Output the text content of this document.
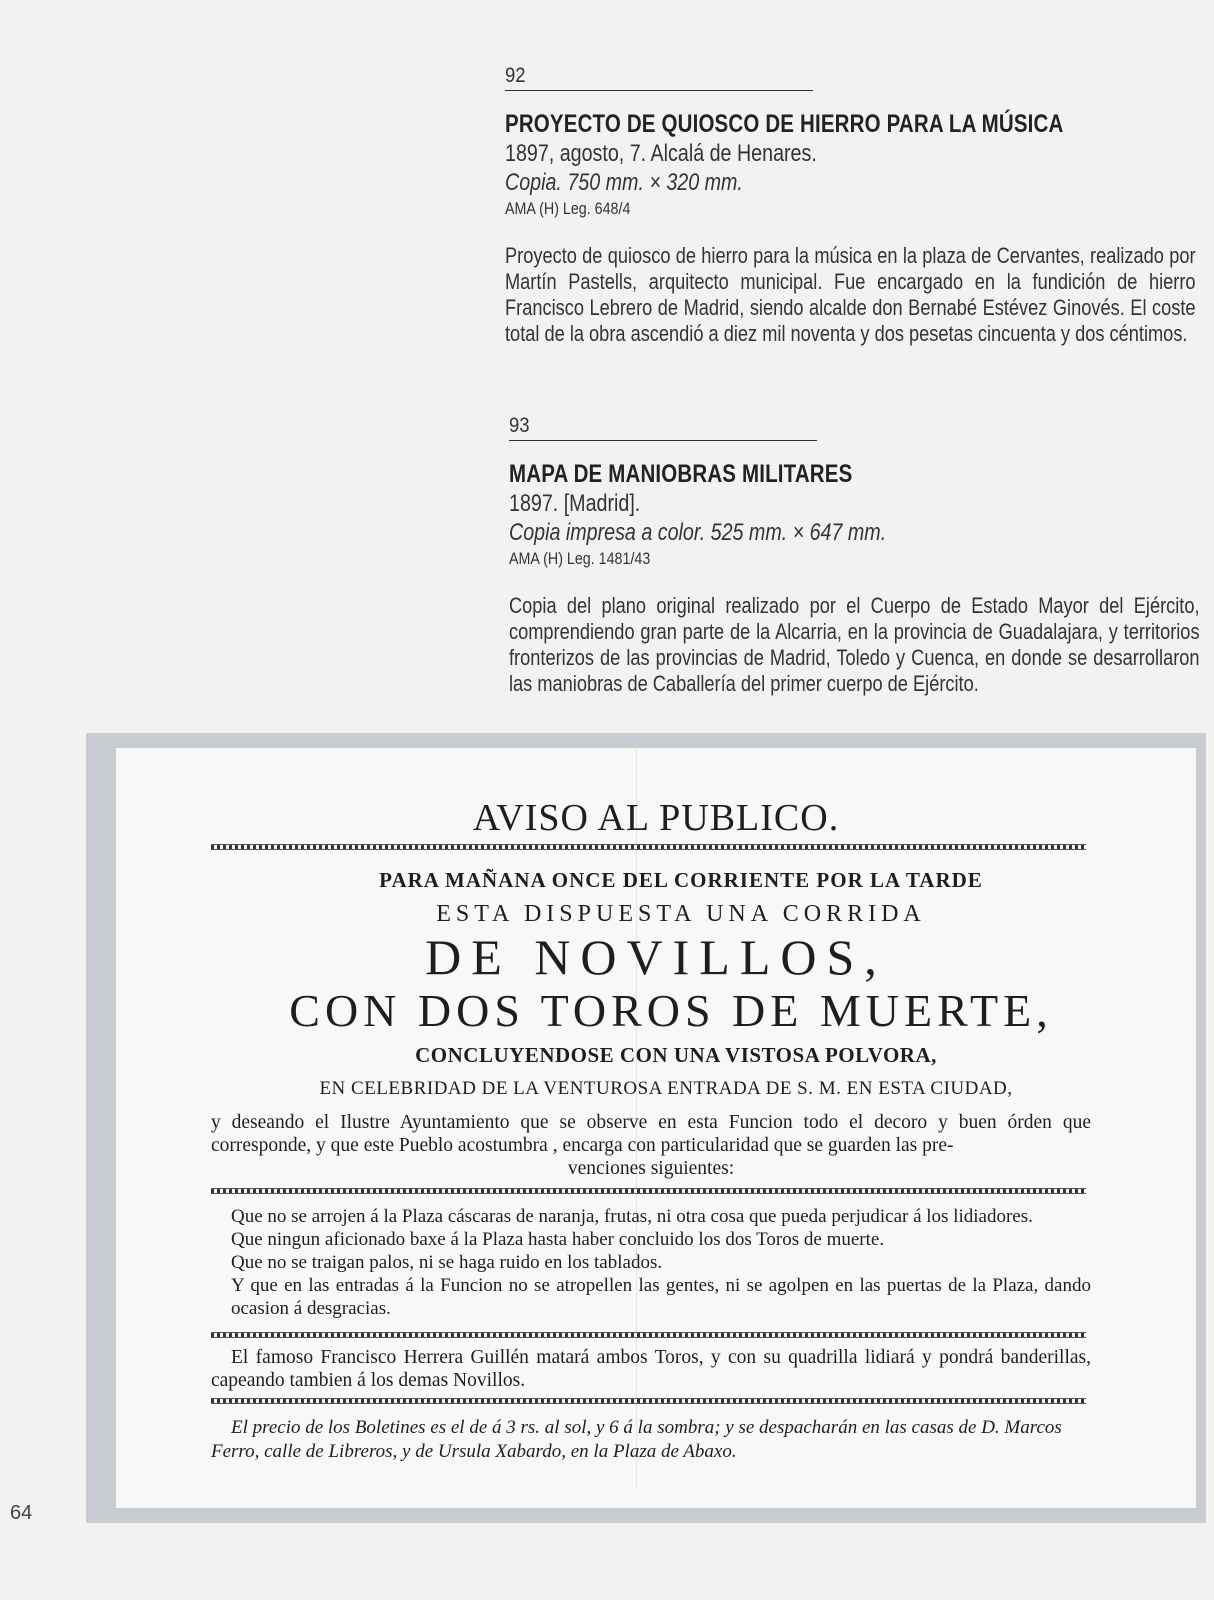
92
PROYECTO DE QUIOSCO DE HIERRO PARA LA MÚSICA
1897, agosto, 7. Alcalá de Henares.
Copia. 750 mm. × 320 mm.
AMA (H) Leg. 648/4
Proyecto de quiosco de hierro para la música en la plaza de Cervantes, realizado por Martín Pastells, arquitecto municipal. Fue encargado en la fundición de hierro Francisco Lebrero de Madrid, siendo alcalde don Bernabé Estévez Ginovés. El coste total de la obra ascendió a diez mil noventa y dos pesetas cincuenta y dos céntimos.
93
MAPA DE MANIOBRAS MILITARES
1897. [Madrid].
Copia impresa a color. 525 mm. × 647 mm.
AMA (H) Leg. 1481/43
Copia del plano original realizado por el Cuerpo de Estado Mayor del Ejército, comprendiendo gran parte de la Alcarria, en la provincia de Guadalajara, y territorios fronterizos de las provincias de Madrid, Toledo y Cuenca, en donde se desarrollaron las maniobras de Caballería del primer cuerpo de Ejército.
AVISO AL PUBLICO.
PARA MAÑANA ONCE DEL CORRIENTE POR LA TARDE
ESTA DISPUESTA UNA CORRIDA
DE NOVILLOS,
CON DOS TOROS DE MUERTE,
CONCLUYENDOSE CON UNA VISTOSA POLVORA,
EN CELEBRIDAD DE LA VENTUROSA ENTRADA DE S. M. EN ESTA CIUDAD,
y deseando el Ilustre Ayuntamiento que se observe en esta Funcion todo el decoro y buen órden que corresponde, y que este Pueblo acostumbra , encarga con particularidad que se guarden las pre-
venciones siguientes:
Que no se arrojen á la Plaza cáscaras de naranja, frutas, ni otra cosa que pueda perjudicar á los lidiadores.
Que ningun aficionado baxe á la Plaza hasta haber concluido los dos Toros de muerte.
Que no se traigan palos, ni se haga ruido en los tablados.
Y que en las entradas á la Funcion no se atropellen las gentes, ni se agolpen en las puertas de la Plaza, dando ocasion á desgracias.
El famoso Francisco Herrera Guillén matará ambos Toros, y con su quadrilla lidiará y pondrá banderillas, capeando tambien á los demas Novillos.
El precio de los Boletines es el de á 3 rs. al sol, y 6 á la sombra; y se despacharán en las casas de D. Marcos Ferro, calle de Libreros, y de Ursula Xabardo, en la Plaza de Abaxo.
64
